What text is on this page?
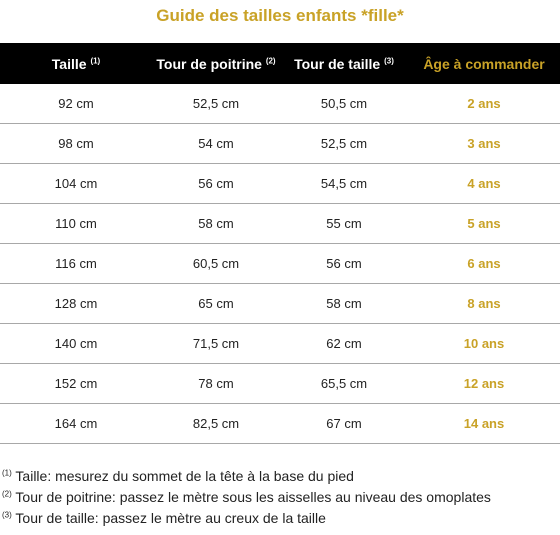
Guide des tailles enfants *fille*
Taille $^{(1)}$	Tour de poitrine $^{(2)}$	Tour de taille $^{(3)}$	Âge à commander
92 cm	52,5 cm	50,5 cm	2 ans
98 cm	54 cm	52,5 cm	3 ans
104 cm	56 cm	54,5 cm	4 ans
110 cm	58 cm	55 cm	5 ans
116 cm	60,5 cm	56 cm	6 ans
128 cm	65 cm	58 cm	8 ans
140 cm	71,5 cm	62 cm	10 ans
152 cm	78 cm	65,5 cm	12 ans
164 cm	82,5 cm	67 cm	14 ans
$^{(1)}$ Taille: mesurez du sommet de la tête à la base du pied
$^{(2)}$ Tour de poitrine: passez le mètre sous les aisselles au niveau des omoplates
$^{(3)}$ Tour de taille: passez le mètre au creux de la taille
